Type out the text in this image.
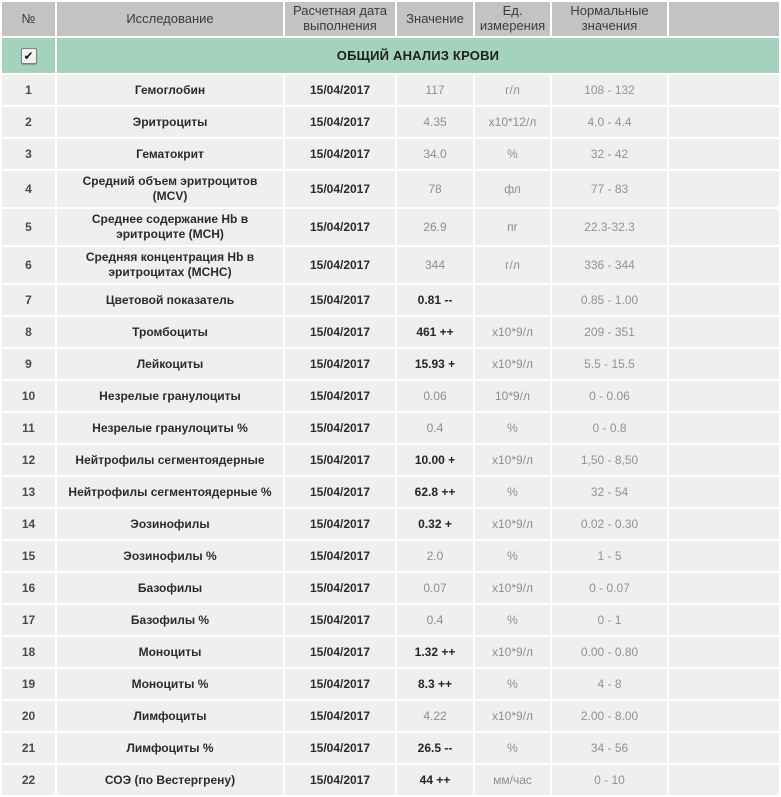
№	Исследование	Расчетная дата выполнения	Значение	Ед. измерения	Нормальные значения	

✔	ОБЩИЙ АНАЛИЗ КРОВИ					
1	Гемоглобин	15/04/2017	117	г/л	108 - 132	
2	Эритроциты	15/04/2017	4.35	x10*12/л	4.0 - 4.4	
3	Гематокрит	15/04/2017	34.0	%	32 - 42	
4	Средний объем эритроцитов (MCV)	15/04/2017	78	фл	77 - 83	
5	Среднее содержание Hb в эритроците (MCH)	15/04/2017	26.9	пг	22.3-32.3	
6	Средняя концентрация Hb в эритроцитах (MCHC)	15/04/2017	344	г/л	336 - 344	
7	Цветовой показатель	15/04/2017	0.81 --		0.85 - 1.00	
8	Тромбоциты	15/04/2017	461 ++	x10*9/л	209 - 351	
9	Лейкоциты	15/04/2017	15.93 +	x10*9/л	5.5 - 15.5	
10	Незрелые гранулоциты	15/04/2017	0.06	10*9/л	0 - 0.06	
11	Незрелые гранулоциты %	15/04/2017	0.4	%	0 - 0.8	
12	Нейтрофилы сегментоядерные	15/04/2017	10.00 +	x10*9/л	1,50 - 8,50	
13	Нейтрофилы сегментоядерные %	15/04/2017	62.8 ++	%	32 - 54	
14	Эозинофилы	15/04/2017	0.32 +	x10*9/л	0.02 - 0.30	
15	Эозинофилы %	15/04/2017	2.0	%	1 - 5	
16	Базофилы	15/04/2017	0.07	x10*9/л	0 - 0.07	
17	Базофилы %	15/04/2017	0.4	%	0 - 1	
18	Моноциты	15/04/2017	1.32 ++	x10*9/л	0.00 - 0.80	
19	Моноциты %	15/04/2017	8.3 ++	%	4 - 8	
20	Лимфоциты	15/04/2017	4.22	x10*9/л	2.00 - 8.00	
21	Лимфоциты %	15/04/2017	26.5 --	%	34 - 56	
22	СОЭ (по Вестергрену)	15/04/2017	44 ++	мм/час	0 - 10	
